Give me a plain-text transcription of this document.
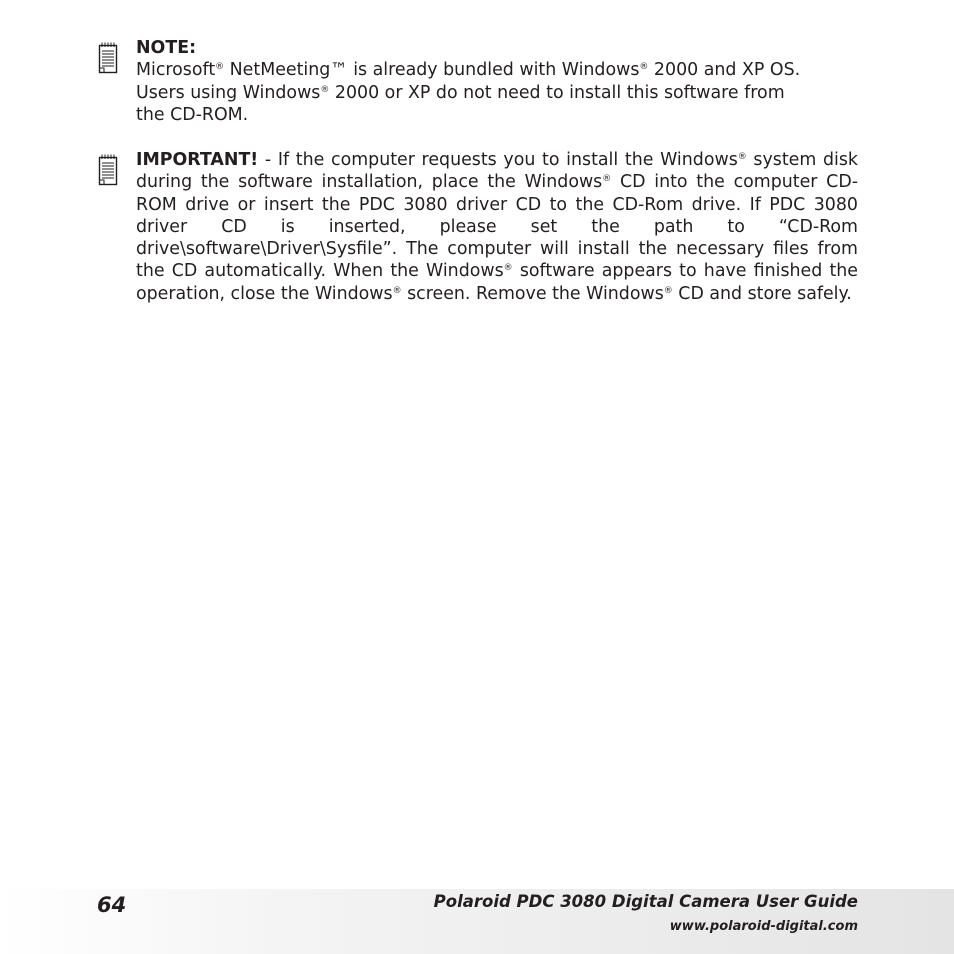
NOTE:

Microsoft® NetMeeting™ is already bundled with Windows® 2000 and XP OS.
Users using Windows® 2000 or XP do not need to install this software from
the CD-ROM.

IMPORTANT! - If the computer requests you to install the Windows® system disk during the software installation, place the Windows® CD into the computer CD-ROM drive or insert the PDC 3080 driver CD to the CD-Rom drive. If PDC 3080 driver CD is inserted, please set the path to “CD-Rom drive\software\Driver\Sysfile”. The computer will install the necessary files from the CD automatically. When the Windows® software appears to have finished the operation, close the Windows® screen. Remove the Windows® CD and store safely.

64	Polaroid PDC 3080 Digital Camera User Guide
www.polaroid-digital.com
